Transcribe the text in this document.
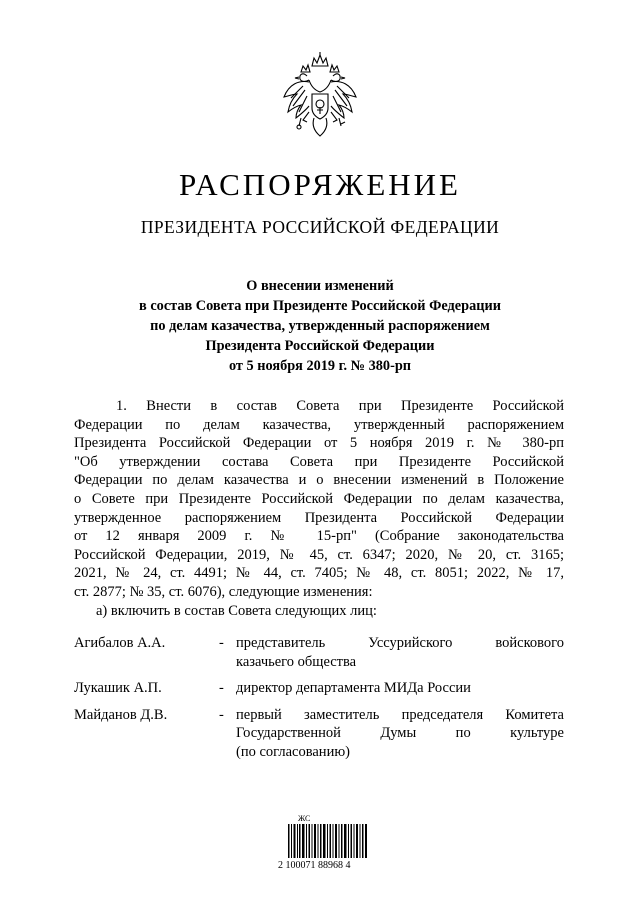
РАСПОРЯЖЕНИЕ
ПРЕЗИДЕНТА РОССИЙСКОЙ ФЕДЕРАЦИИ
О внесении изменений
в состав Совета при Президенте Российской Федерации
по делам казачества, утвержденный распоряжением
Президента Российской Федерации
от 5 ноября 2019 г. № 380-рп
1. Внести в состав Совета при Президенте Российской
Федерации по делам казачества, утвержденный распоряжением
Президента Российской Федерации от 5 ноября 2019 г. № 380-рп
"Об утверждении состава Совета при Президенте Российской
Федерации по делам казачества и о внесении изменений в Положение
о Совете при Президенте Российской Федерации по делам казачества,
утвержденное распоряжением Президента Российской Федерации
от 12 января 2009 г. № 15-рп" (Собрание законодательства
Российской Федерации, 2019, № 45, ст. 6347; 2020, № 20, ст. 3165;
2021, № 24, ст. 4491; № 44, ст. 7405; № 48, ст. 8051; 2022, № 17,
ст. 2877; № 35, ст. 6076), следующие изменения:
а) включить в состав Совета следующих лиц:
Агибалов А.А.	- представитель Уссурийского войскового
казачьего общества
Лукашик А.П.	- директор департамента МИДа России
Майданов Д.В.	- первый заместитель председателя Комитета
Государственной Думы по культуре
(по согласованию)
ЖС
2 100071 88968 4
